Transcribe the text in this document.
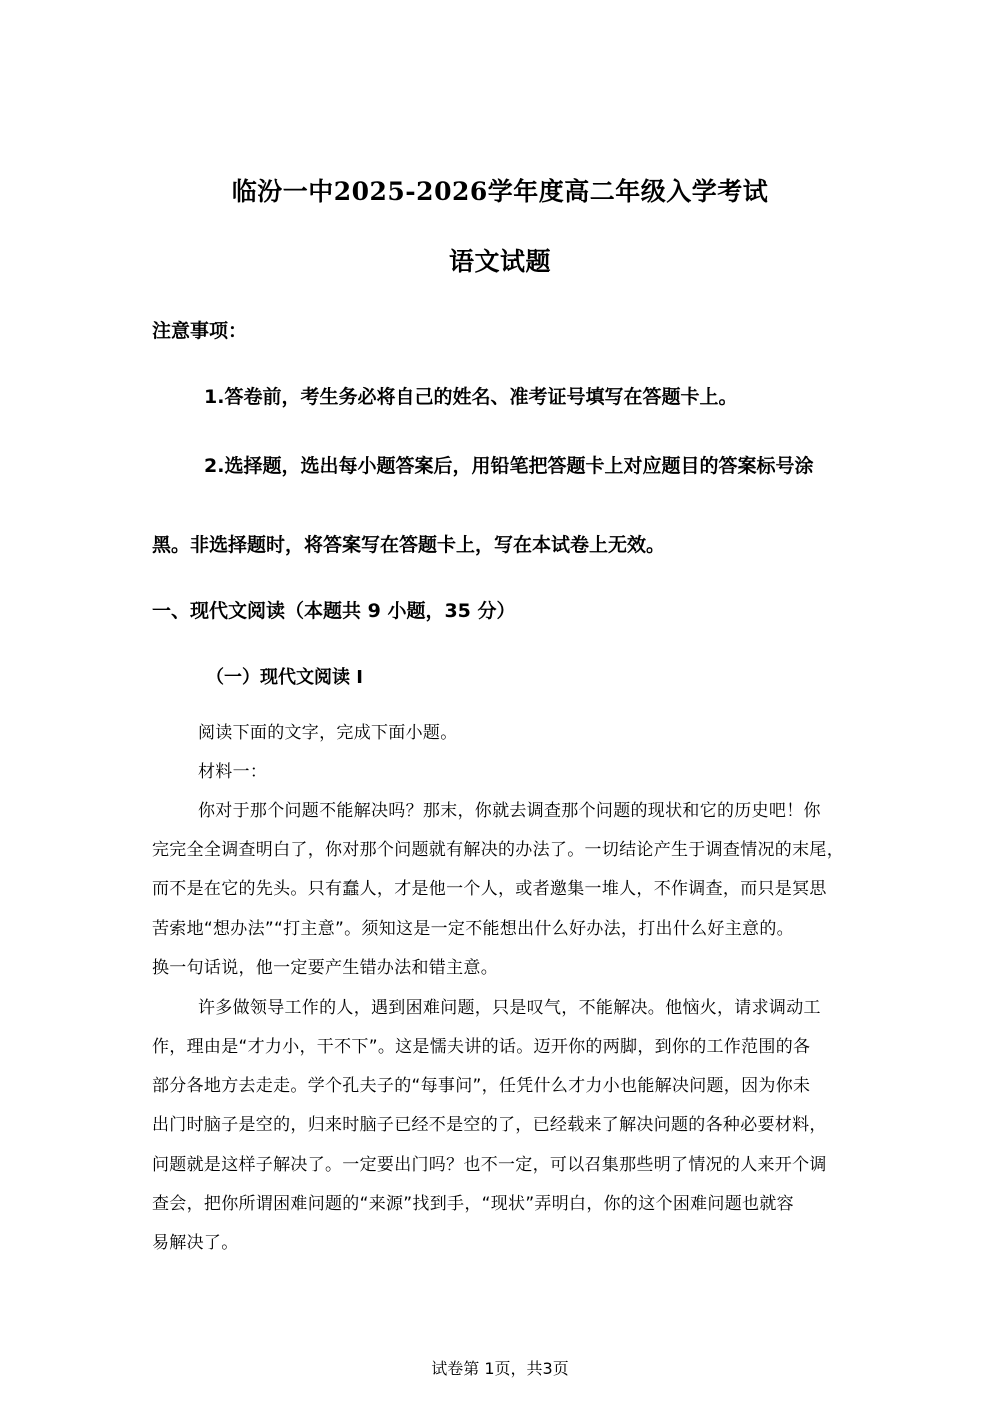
临汾一中2025-2026学年度高二年级入学考试
语文试题
注意事项：
1.答卷前，考生务必将自己的姓名、准考证号填写在答题卡上。
2.选择题，选出每小题答案后，用铅笔把答题卡上对应题目的答案标号涂
黑。非选择题时，将答案写在答题卡上，写在本试卷上无效。
一、现代文阅读（本题共 9 小题，35 分）
（一）现代文阅读 I
阅读下面的文字，完成下面小题。
材料一：
你对于那个问题不能解决吗？那末，你就去调查那个问题的现状和它的历史吧！你
完完全全调查明白了，你对那个问题就有解决的办法了。一切结论产生于调查情况的末尾，
而不是在它的先头。只有蠢人，才是他一个人，或者邀集一堆人，不作调查，而只是冥思
苦索地“想办法”“打主意”。须知这是一定不能想出什么好办法，打出什么好主意的。
换一句话说，他一定要产生错办法和错主意。
许多做领导工作的人，遇到困难问题，只是叹气，不能解决。他恼火，请求调动工
作，理由是“才力小，干不下”。这是懦夫讲的话。迈开你的两脚，到你的工作范围的各
部分各地方去走走。学个孔夫子的“每事问”，任凭什么才力小也能解决问题，因为你未
出门时脑子是空的，归来时脑子已经不是空的了，已经载来了解决问题的各种必要材料，
问题就是这样子解决了。一定要出门吗？也不一定，可以召集那些明了情况的人来开个调
查会，把你所谓困难问题的“来源”找到手，“现状”弄明白，你的这个困难问题也就容
易解决了。
试卷第 1页，共3页
